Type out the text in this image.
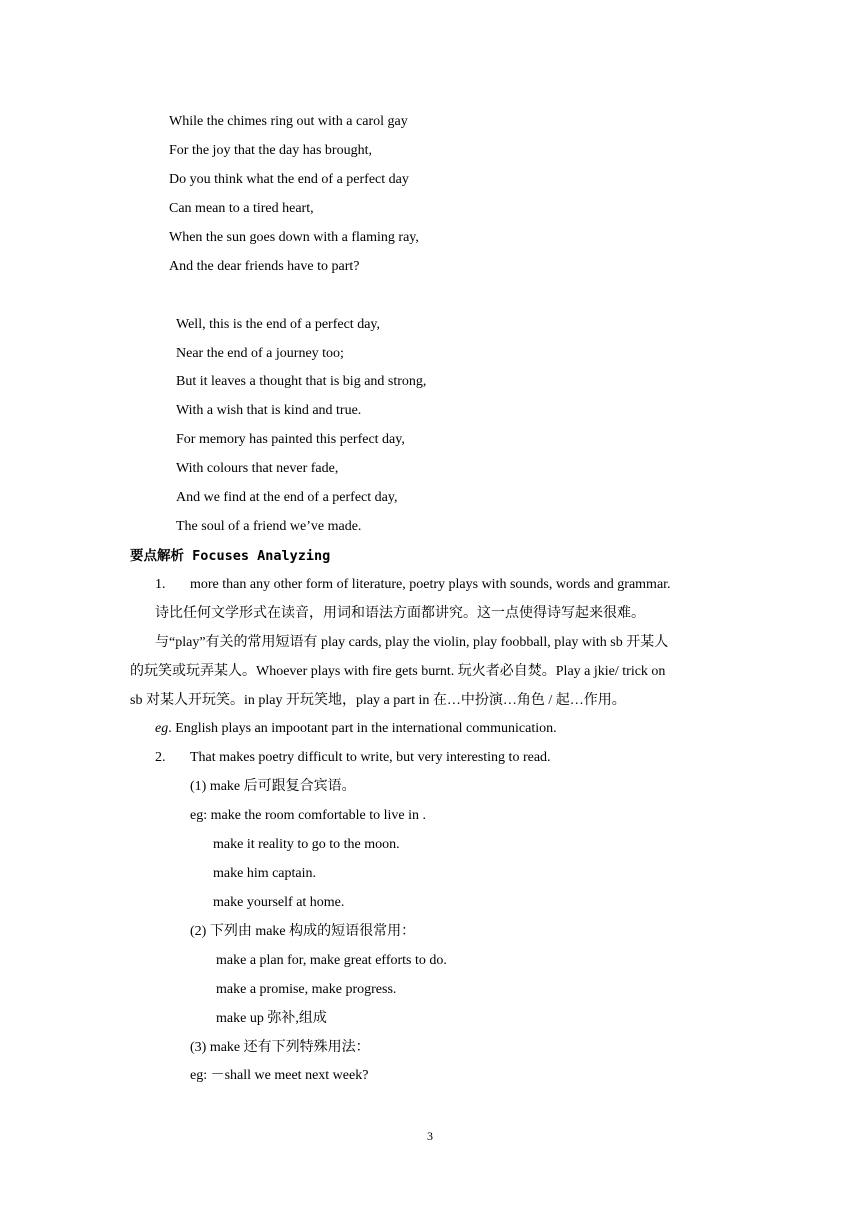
While the chimes ring out with a carol gay
For the joy that the day has brought,
Do you think what the end of a perfect day
Can mean to a tired heart,
When the sun goes down with a flaming ray,
And the dear friends have to part?
Well, this is the end of a perfect day,
Near the end of a journey too;
But it leaves a thought that is big and strong,
With a wish that is kind and true.
For memory has painted this perfect day,
With colours that never fade,
And we find at the end of a perfect day,
The soul of a friend we’ve made.
要点解析 Focuses Analyzing
1. more than any other form of literature, poetry plays with sounds, words and grammar.
诗比任何文学形式在读音，用词和语法方面都讲究。这一点使得诗写起来很难。
与“play”有关的常用短语有 play cards, play the violin, play foobball, play with sb 开某人
的玩笑或玩弄某人。Whoever plays with fire gets burnt. 玩火者必自焚。Play a jkie/ trick on
sb 对某人开玩笑。in play 开玩笑地，play a part in 在…中扮演…角色 / 起…作用。
eg. English plays an impootant part in the international communication.
2. That makes poetry difficult to write, but very interesting to read.
(1) make 后可跟复合宾语。
eg: make the room comfortable to live in .
make it reality to go to the moon.
make him captain.
make yourself at home.
(2) 下列由 make 构成的短语很常用：
make a plan for, make great efforts to do.
make a promise, make progress.
make up 弥补,组成
(3) make 还有下列特殊用法：
eg: －shall we meet next week?
3
